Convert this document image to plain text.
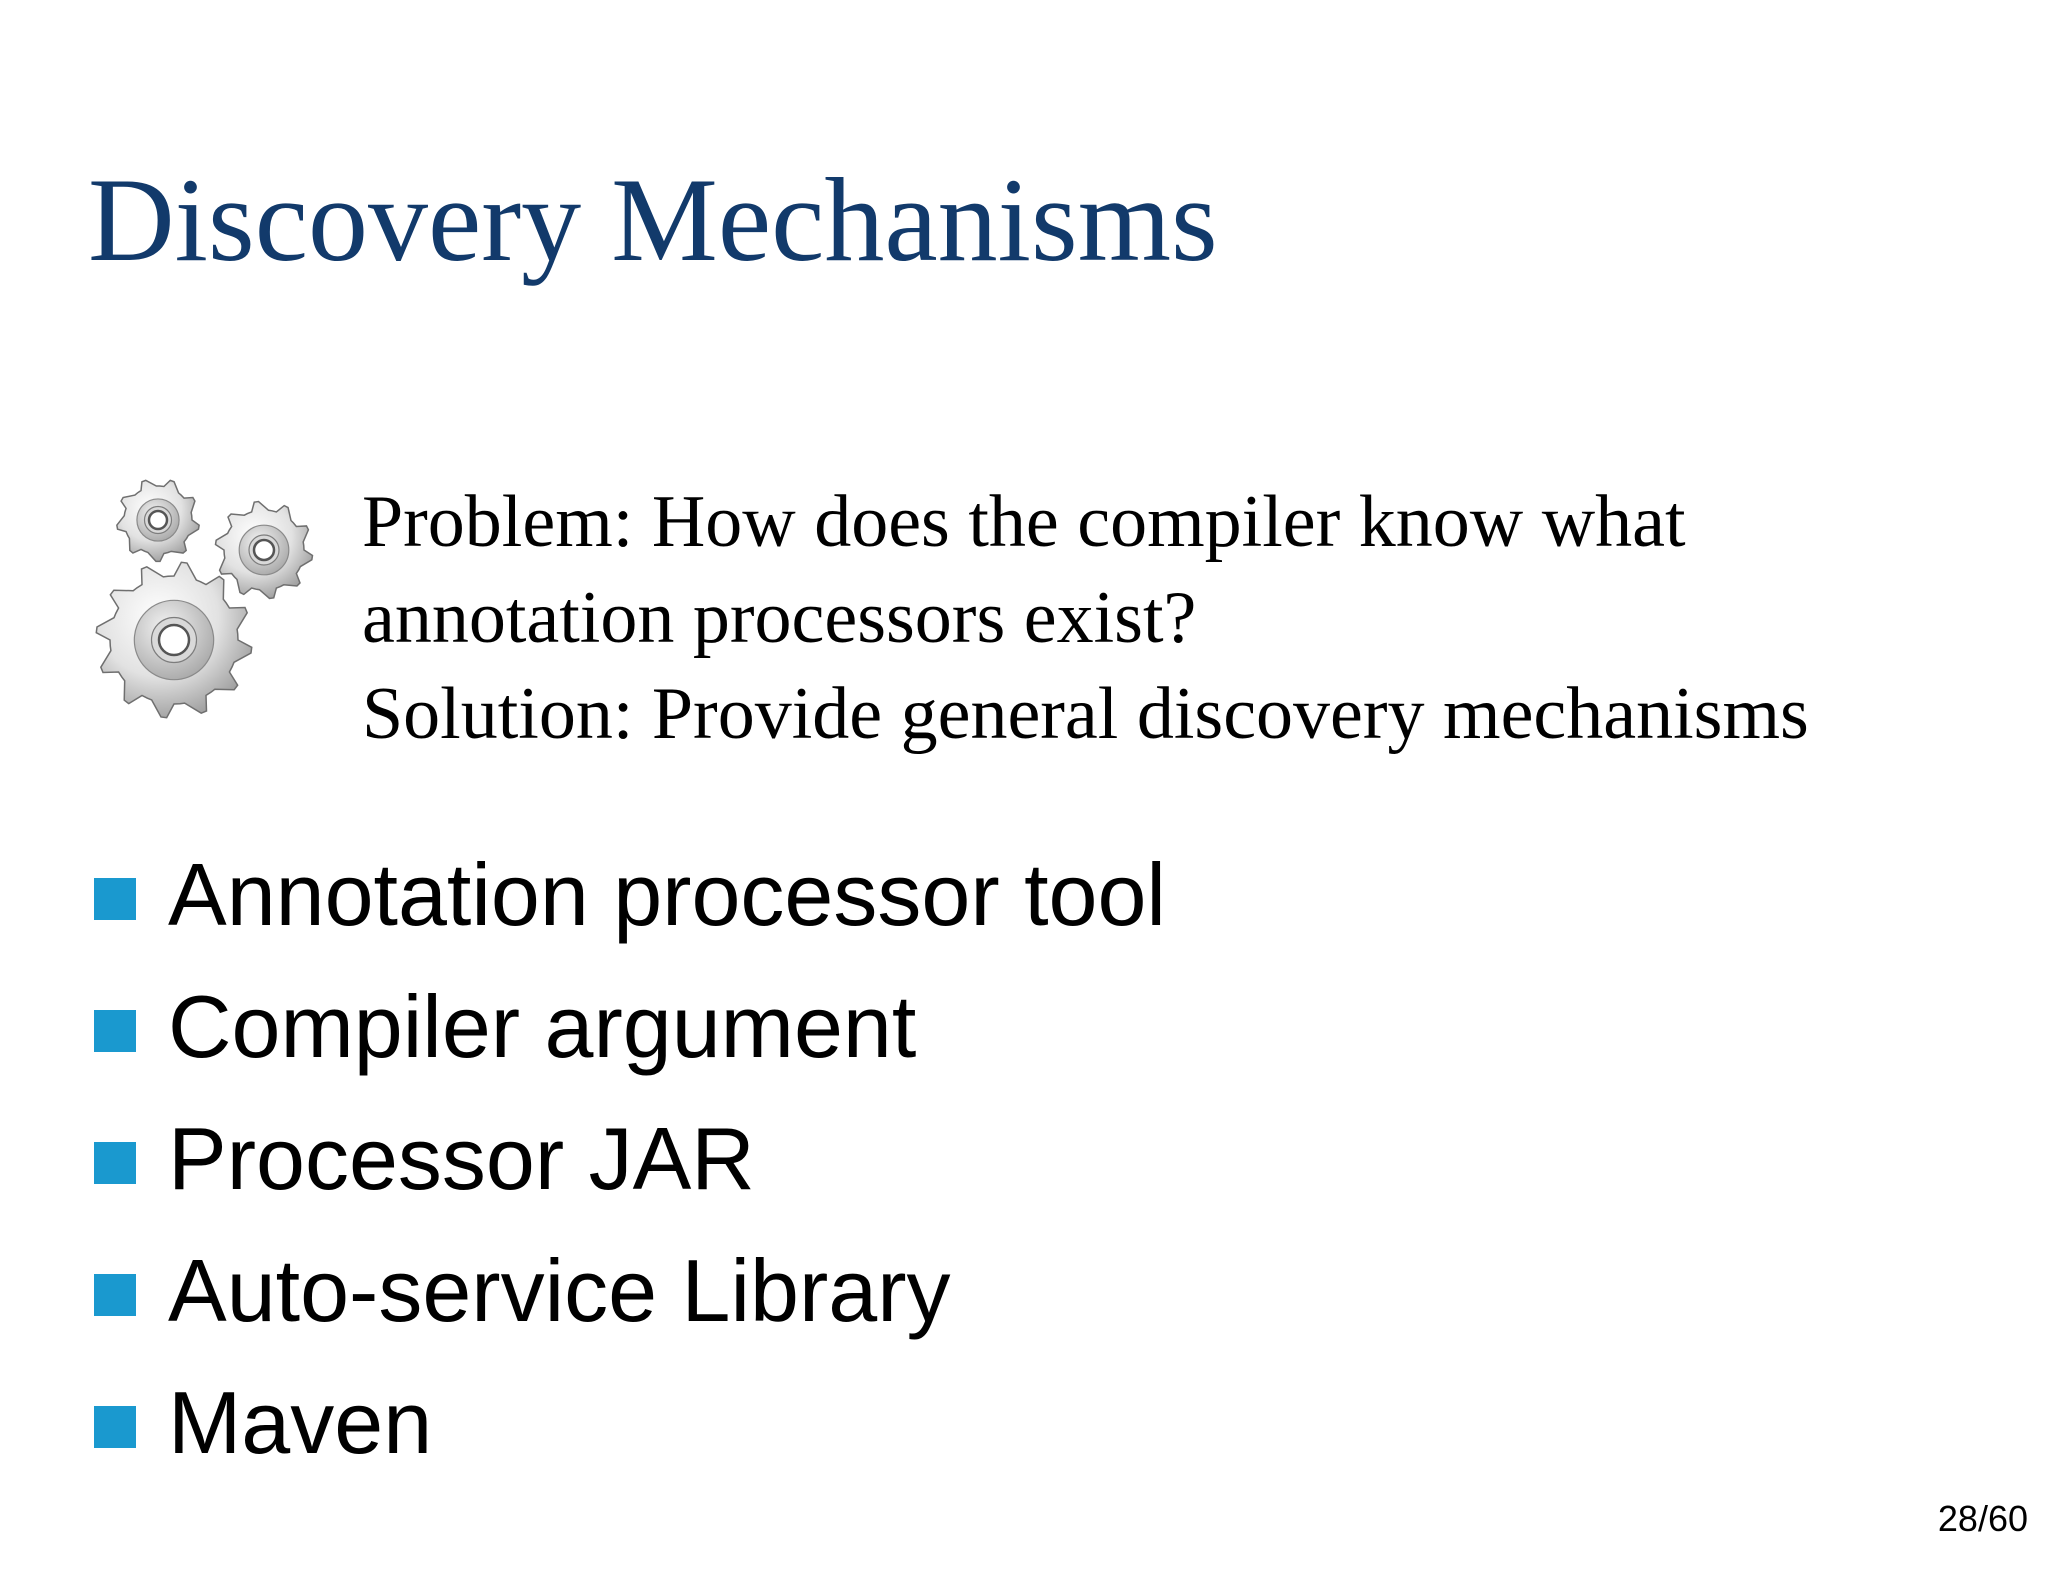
Discovery Mechanisms
Problem: How does the compiler know what
annotation processors exist?
Solution: Provide general discovery mechanisms
Annotation processor tool
Compiler argument
Processor JAR
Auto-service Library
Maven
28/60
